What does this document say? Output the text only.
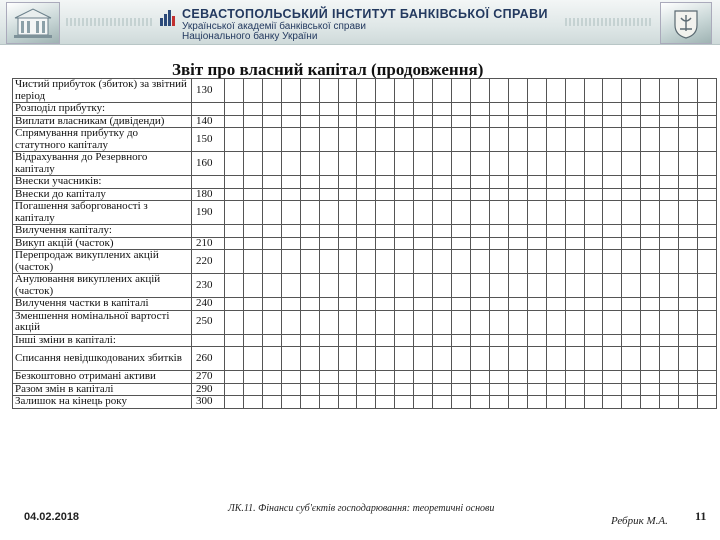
СЕВАСТОПОЛЬСЬКИЙ ІНСТИТУТ БАНКІВСЬКОЇ СПРАВИ
Української академії банківської справи
Національного банку України
Звіт про власний капітал (продовження)
Чистий прибуток (збиток) за звітний період	130																										
Розподіл прибутку:																											
Виплати власникам (дивіденди)	140																										
Спрямування прибутку до статутного капіталу	150																										
Відрахування до Резервного капіталу	160																										
Внески учасників:																											
Внески до капіталу	180																										
Погашення заборгованості з капіталу	190																										
Вилучення капіталу:																											
Викуп акцій (часток)	210																										
Перепродаж викуплених акцій (часток)	220																										
Анулювання викуплених акцій (часток)	230																										
Вилучення частки в капіталі	240																										
Зменшення номінальної вартості акцій	250																										
Інші зміни в капіталі:																											
Списання невідшкодованих збитків	260																										
Безкоштовно отримані активи	270																										
Разом змін в капіталі	290																										
Залишок на кінець року	300																										
04.02.2018
ЛК.11. Фінанси суб'єктів господарювання: теоретичні основи
Ребрик М.А. 11
